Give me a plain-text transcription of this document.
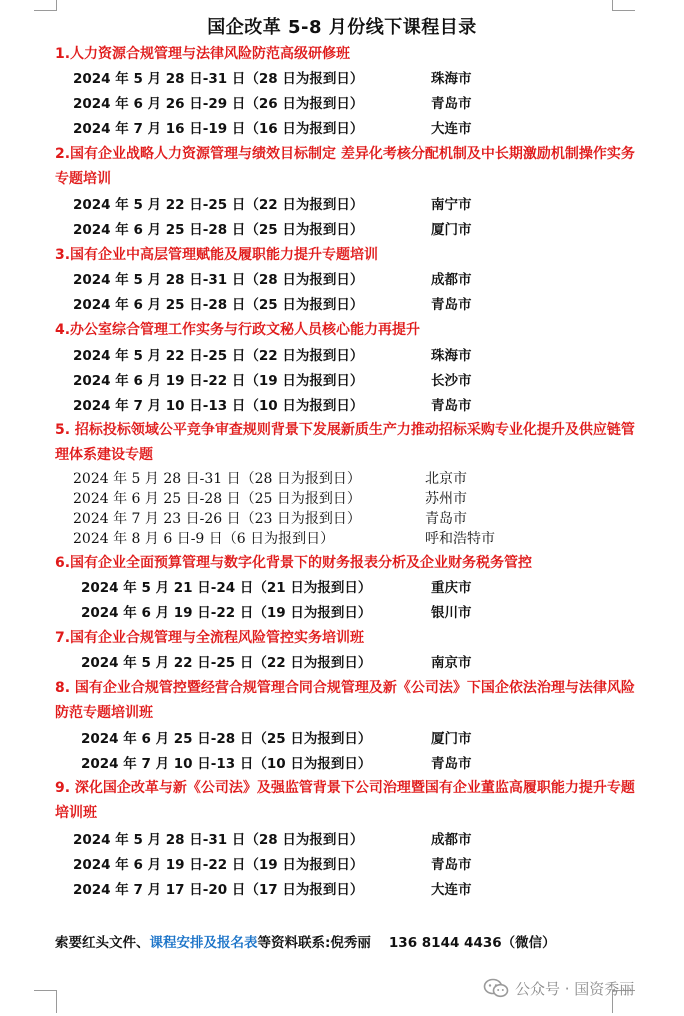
国企改革 5-8 月份线下课程目录
1.人力资源合规管理与法律风险防范高级研修班
2024 年 5 月 28 日-31 日（28 日为报到日）	珠海市
2024 年 6 月 26 日-29 日（26 日为报到日）	青岛市
2024 年 7 月 16 日-19 日（16 日为报到日）	大连市
2.国有企业战略人力资源管理与绩效目标制定 差异化考核分配机制及中长期激励机制操作实务专题培训
2024 年 5 月 22 日-25 日（22 日为报到日）	南宁市
2024 年 6 月 25 日-28 日（25 日为报到日）	厦门市
3.国有企业中高层管理赋能及履职能力提升专题培训
2024 年 5 月 28 日-31 日（28 日为报到日）	成都市
2024 年 6 月 25 日-28 日（25 日为报到日）	青岛市
4.办公室综合管理工作实务与行政文秘人员核心能力再提升
2024 年 5 月 22 日-25 日（22 日为报到日）	珠海市
2024 年 6 月 19 日-22 日（19 日为报到日）	长沙市
2024 年 7 月 10 日-13 日（10 日为报到日）	青岛市
5. 招标投标领域公平竞争审查规则背景下发展新质生产力推动招标采购专业化提升及供应链管理体系建设专题
2024 年 5 月 28 日-31 日（28 日为报到日）	北京市
2024 年 6 月 25 日-28 日（25 日为报到日）	苏州市
2024 年 7 月 23 日-26 日（23 日为报到日）	青岛市
2024 年 8 月 6 日-9 日（6 日为报到日）	呼和浩特市
6.国有企业全面预算管理与数字化背景下的财务报表分析及企业财务税务管控
2024 年 5 月 21 日-24 日（21 日为报到日）	重庆市
2024 年 6 月 19 日-22 日（19 日为报到日）	银川市
7.国有企业合规管理与全流程风险管控实务培训班
2024 年 5 月 22 日-25 日（22 日为报到日）	南京市
8. 国有企业合规管控暨经营合规管理合同合规管理及新《公司法》下国企依法治理与法律风险防范专题培训班
2024 年 6 月 25 日-28 日（25 日为报到日）	厦门市
2024 年 7 月 10 日-13 日（10 日为报到日）	青岛市
9. 深化国企改革与新《公司法》及强监管背景下公司治理暨国有企业董监高履职能力提升专题培训班
2024 年 5 月 28 日-31 日（28 日为报到日）	成都市
2024 年 6 月 19 日-22 日（19 日为报到日）	青岛市
2024 年 7 月 17 日-20 日（17 日为报到日）	大连市
索要红头文件、课程安排及报名表等资料联系:倪秀丽 136 8144 4436（微信）
公众号 · 国资秀丽
